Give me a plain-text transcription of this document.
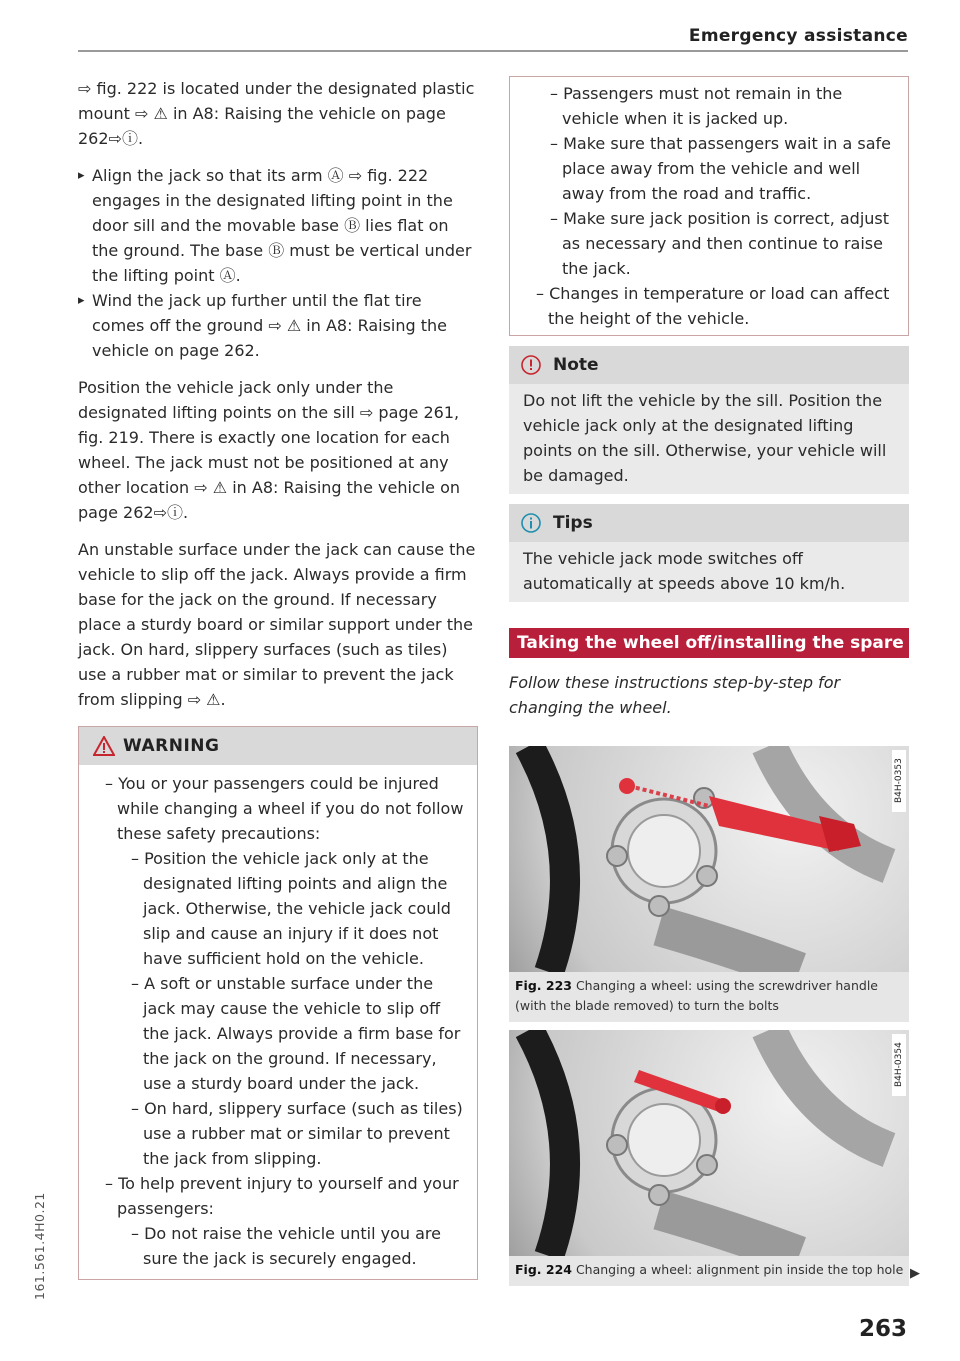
Emergency assistance

⇨ fig. 222 is located under the designated plastic mount ⇨ ⚠ in A8: Raising the vehicle on page 262⇨ⓘ.

▸ Align the jack so that its arm Ⓐ ⇨ fig. 222 engages in the designated lifting point in the door sill and the movable base Ⓑ lies flat on the ground. The base Ⓑ must be vertical under the lifting point Ⓐ.

▸ Wind the jack up further until the flat tire comes off the ground ⇨ ⚠ in A8: Raising the vehicle on page 262.

Position the vehicle jack only under the designated lifting points on the sill ⇨ page 261, fig. 219. There is exactly one location for each wheel. The jack must not be positioned at any other location ⇨ ⚠ in A8: Raising the vehicle on page 262⇨ⓘ.

An unstable surface under the jack can cause the vehicle to slip off the jack. Always provide a firm base for the jack on the ground. If necessary place a sturdy board or similar support under the jack. On hard, slippery surfaces (such as tiles) use a rubber mat or similar to prevent the jack from slipping ⇨ ⚠.

WARNING

– You or your passengers could be injured while changing a wheel if you do not follow these safety precautions:

– Position the vehicle jack only at the designated lifting points and align the jack. Otherwise, the vehicle jack could slip and cause an injury if it does not have sufficient hold on the vehicle.

– A soft or unstable surface under the jack may cause the vehicle to slip off the jack. Always provide a firm base for the jack on the ground. If necessary, use a sturdy board under the jack.

– On hard, slippery surface (such as tiles) use a rubber mat or similar to prevent the jack from slipping.

– To help prevent injury to yourself and your passengers:

– Do not raise the vehicle until you are sure the jack is securely engaged.

– Passengers must not remain in the vehicle when it is jacked up.

– Make sure that passengers wait in a safe place away from the vehicle and well away from the road and traffic.

– Make sure jack position is correct, adjust as necessary and then continue to raise the jack.

– Changes in temperature or load can affect the height of the vehicle.

Note

Do not lift the vehicle by the sill. Position the vehicle jack only at the designated lifting points on the sill. Otherwise, your vehicle will be damaged.

Tips

The vehicle jack mode switches off automatically at speeds above 10 km/h.

Taking the wheel off/installing the spare

Follow these instructions step-by-step for changing the wheel.

B4H-0353

Fig. 223 Changing a wheel: using the screwdriver handle (with the blade removed) to turn the bolts

B4H-0354

Fig. 224 Changing a wheel: alignment pin inside the top hole ▶
263
161.561.4H0.21
